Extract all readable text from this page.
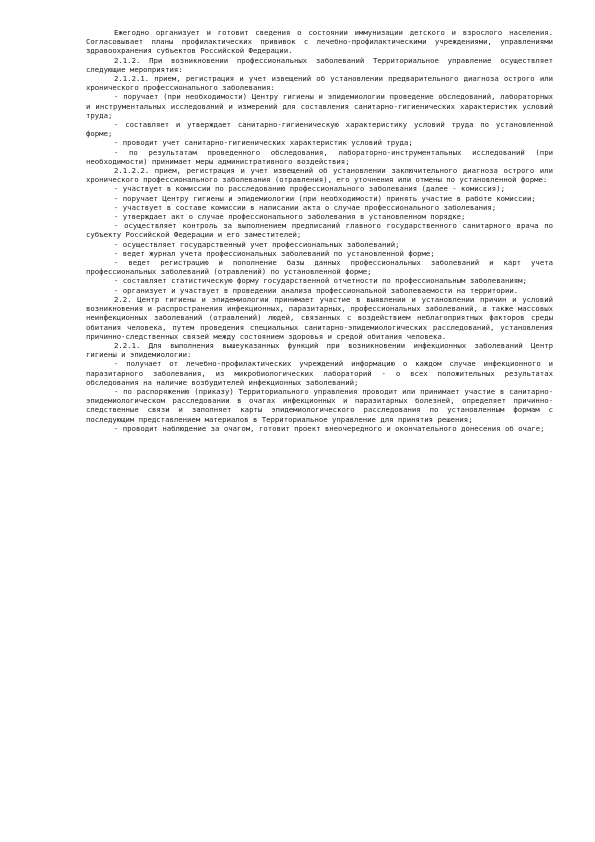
Ежегодно организует и готовит сведения о состоянии иммунизации детского и взрослого населения. Согласовывает планы профилактических прививок с лечебно-профилактическими учреждениями, управлениями здравоохранения субъектов Российской Федерации.

2.1.2. При возникновении профессиональных заболеваний Территориальное управление осуществляет следующие мероприятия:

2.1.2.1. прием, регистрация и учет извещений об установлении предварительного диагноза острого или хронического профессионального заболевания:

- поручает (при необходимости) Центру гигиены и эпидемиологии проведение обследований, лабораторных и инструментальных исследований и измерений для составления санитарно-гигиенических характеристик условий труда;

- составляет и утверждает санитарно-гигиеническую характеристику условий труда по установленной форме;

- проводит учет санитарно-гигиенических характеристик условий труда;

- по результатам проведенного обследования, лабораторно-инструментальных исследований (при необходимости) принимает меры административного воздействия;

2.1.2.2. прием, регистрация и учет извещений об установлении заключительного диагноза острого или хронического профессионального заболевания (отравления), его уточнения или отмены по установленной форме:

- участвует в комиссии по расследованию профессионального заболевания (далее - комиссия);

- поручает Центру гигиены и эпидемиологии (при необходимости) принять участие в работе комиссии;

- участвует в составе комиссии в написании акта о случае профессионального заболевания;

- утверждает акт о случае профессионального заболевания в установленном порядке;

- осуществляет контроль за выполнением предписаний главного государственного санитарного врача по субъекту Российской Федерации и его заместителей;

- осуществляет государственный учет профессиональных заболеваний;

- ведет журнал учета профессиональных заболеваний по установленной форме;

- ведет регистрацию и пополнение базы данных профессиональных заболеваний и карт учета профессиональных заболеваний (отравлений) по установленной форме;

- составляет статистическую форму государственной отчетности по профессиональным заболеваниям;

- организует и участвует в проведении анализа профессиональной заболеваемости на территории.

2.2. Центр гигиены и эпидемиологии принимает участие в выявлении и установлении причин и условий возникновения и распространения инфекционных, паразитарных, профессиональных заболеваний, а также массовых неинфекционных заболеваний (отравлений) людей, связанных с воздействием неблагоприятных факторов среды обитания человека, путем проведения специальных санитарно-эпидемиологических расследований, установления причинно-следственных связей между состоянием здоровья и средой обитания человека.

2.2.1. Для выполнения вышеуказанных функций при возникновении инфекционных заболеваний Центр гигиены и эпидемиологии:

- получает от лечебно-профилактических учреждений информацию о каждом случае инфекционного и паразитарного заболевания, из микробиологических лабораторий - о всех положительных результатах обследования на наличие возбудителей инфекционных заболеваний;

- по распоряжению (приказу) Территориального управления проводит или принимает участие в санитарно-эпидемиологическом расследовании в очагах инфекционных и паразитарных болезней, определяет причинно-следственные связи и заполняет карты эпидемиологического расследования по установленным формам с последующим представлением материалов в Территориальное управление для принятия решения;

- проводит наблюдение за очагом, готовит проект внеочередного и окончательного донесения об очаге;
